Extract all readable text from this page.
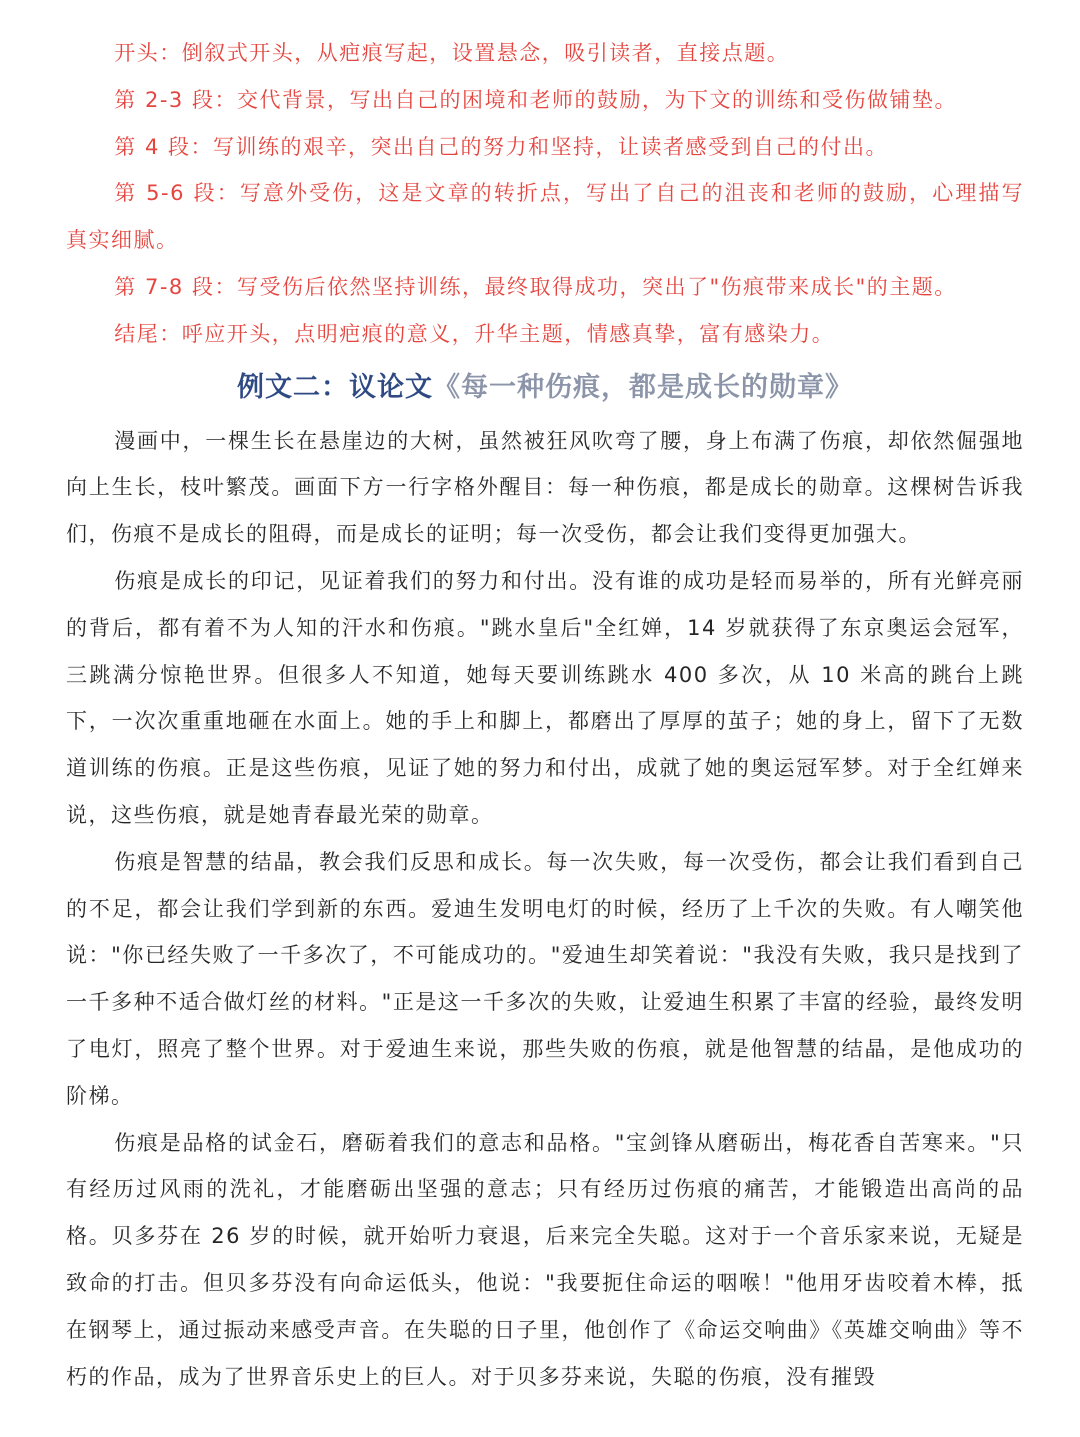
开头：倒叙式开头，从疤痕写起，设置悬念，吸引读者，直接点题。

第 2-3 段：交代背景，写出自己的困境和老师的鼓励，为下文的训练和受伤做铺垫。

第 4 段：写训练的艰辛，突出自己的努力和坚持，让读者感受到自己的付出。

第 5-6 段：写意外受伤，这是文章的转折点，写出了自己的沮丧和老师的鼓励，心理描写真实细腻。

第 7-8 段：写受伤后依然坚持训练，最终取得成功，突出了"伤痕带来成长"的主题。

结尾：呼应开头，点明疤痕的意义，升华主题，情感真挚，富有感染力。

例文二：议论文《每一种伤痕，都是成长的勋章》

漫画中，一棵生长在悬崖边的大树，虽然被狂风吹弯了腰，身上布满了伤痕，却依然倔强地向上生长，枝叶繁茂。画面下方一行字格外醒目：每一种伤痕，都是成长的勋章。这棵树告诉我们，伤痕不是成长的阻碍，而是成长的证明；每一次受伤，都会让我们变得更加强大。

伤痕是成长的印记，见证着我们的努力和付出。没有谁的成功是轻而易举的，所有光鲜亮丽的背后，都有着不为人知的汗水和伤痕。"跳水皇后"全红婵，14 岁就获得了东京奥运会冠军，三跳满分惊艳世界。但很多人不知道，她每天要训练跳水 400 多次，从 10 米高的跳台上跳下，一次次重重地砸在水面上。她的手上和脚上，都磨出了厚厚的茧子；她的身上，留下了无数道训练的伤痕。正是这些伤痕，见证了她的努力和付出，成就了她的奥运冠军梦。对于全红婵来说，这些伤痕，就是她青春最光荣的勋章。

伤痕是智慧的结晶，教会我们反思和成长。每一次失败，每一次受伤，都会让我们看到自己的不足，都会让我们学到新的东西。爱迪生发明电灯的时候，经历了上千次的失败。有人嘲笑他说："你已经失败了一千多次了，不可能成功的。"爱迪生却笑着说："我没有失败，我只是找到了一千多种不适合做灯丝的材料。"正是这一千多次的失败，让爱迪生积累了丰富的经验，最终发明了电灯，照亮了整个世界。对于爱迪生来说，那些失败的伤痕，就是他智慧的结晶，是他成功的阶梯。

伤痕是品格的试金石，磨砺着我们的意志和品格。"宝剑锋从磨砺出，梅花香自苦寒来。"只有经历过风雨的洗礼，才能磨砺出坚强的意志；只有经历过伤痕的痛苦，才能锻造出高尚的品格。贝多芬在 26 岁的时候，就开始听力衰退，后来完全失聪。这对于一个音乐家来说，无疑是致命的打击。但贝多芬没有向命运低头，他说："我要扼住命运的咽喉！"他用牙齿咬着木棒，抵在钢琴上，通过振动来感受声音。在失聪的日子里，他创作了《命运交响曲》《英雄交响曲》等不朽的作品，成为了世界音乐史上的巨人。对于贝多芬来说，失聪的伤痕，没有摧毁
